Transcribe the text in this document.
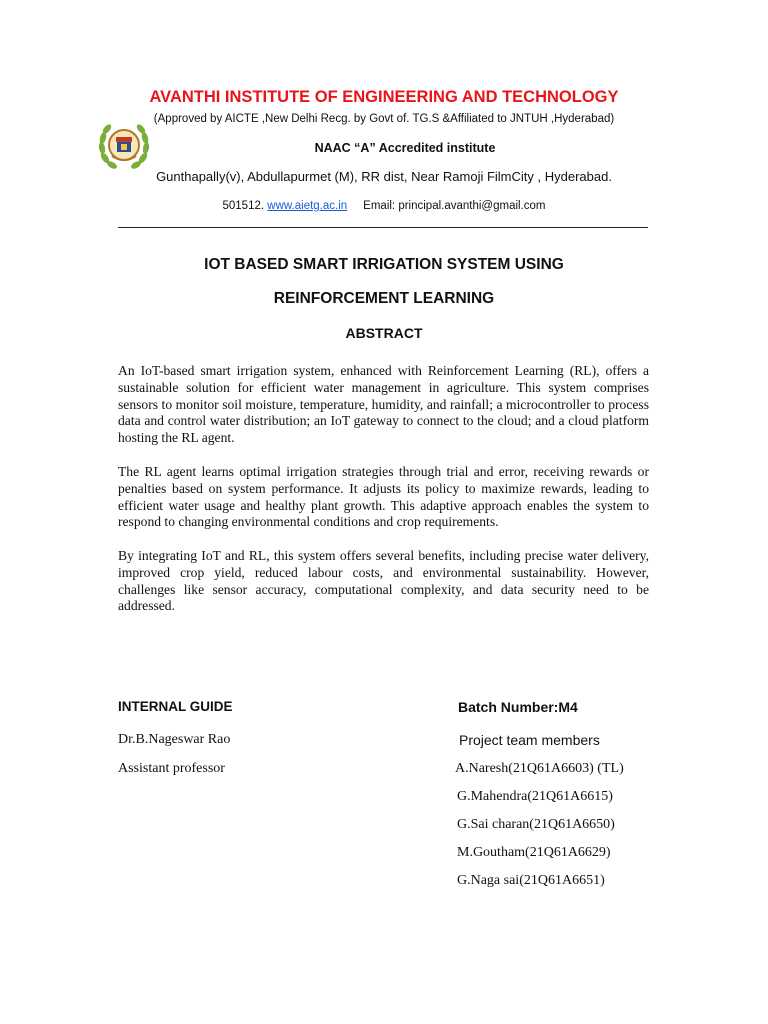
AVANTHI INSTITUTE OF ENGINEERING AND TECHNOLOGY
(Approved by AICTE ,New Delhi Recg. by Govt of. TG.S &Affiliated to JNTUH ,Hyderabad)
NAAC “A” Accredited institute
Gunthapally(v), Abdullapurmet (M), RR dist, Near Ramoji FilmCity , Hyderabad.
501512. www.aietg.ac.in Email: principal.avanthi@gmail.com
IOT BASED SMART IRRIGATION SYSTEM USING
REINFORCEMENT LEARNING
ABSTRACT

An IoT-based smart irrigation system, enhanced with Reinforcement Learning (RL), offers a sustainable solution for efficient water management in agriculture. This system comprises sensors to monitor soil moisture, temperature, humidity, and rainfall; a microcontroller to process data and control water distribution; an IoT gateway to connect to the cloud; and a cloud platform hosting the RL agent.

The RL agent learns optimal irrigation strategies through trial and error, receiving rewards or penalties based on system performance. It adjusts its policy to maximize rewards, leading to efficient water usage and healthy plant growth. This adaptive approach enables the system to respond to changing environmental conditions and crop requirements.

By integrating IoT and RL, this system offers several benefits, including precise water delivery, improved crop yield, reduced labour costs, and environmental sustainability. However, challenges like sensor accuracy, computational complexity, and data security need to be addressed.

INTERNAL GUIDE
Dr.B.Nageswar Rao
Assistant professor
Batch Number:M4
Project team members
A.Naresh(21Q61A6603) (TL)
G.Mahendra(21Q61A6615)
G.Sai charan(21Q61A6650)
M.Goutham(21Q61A6629)
G.Naga sai(21Q61A6651)
